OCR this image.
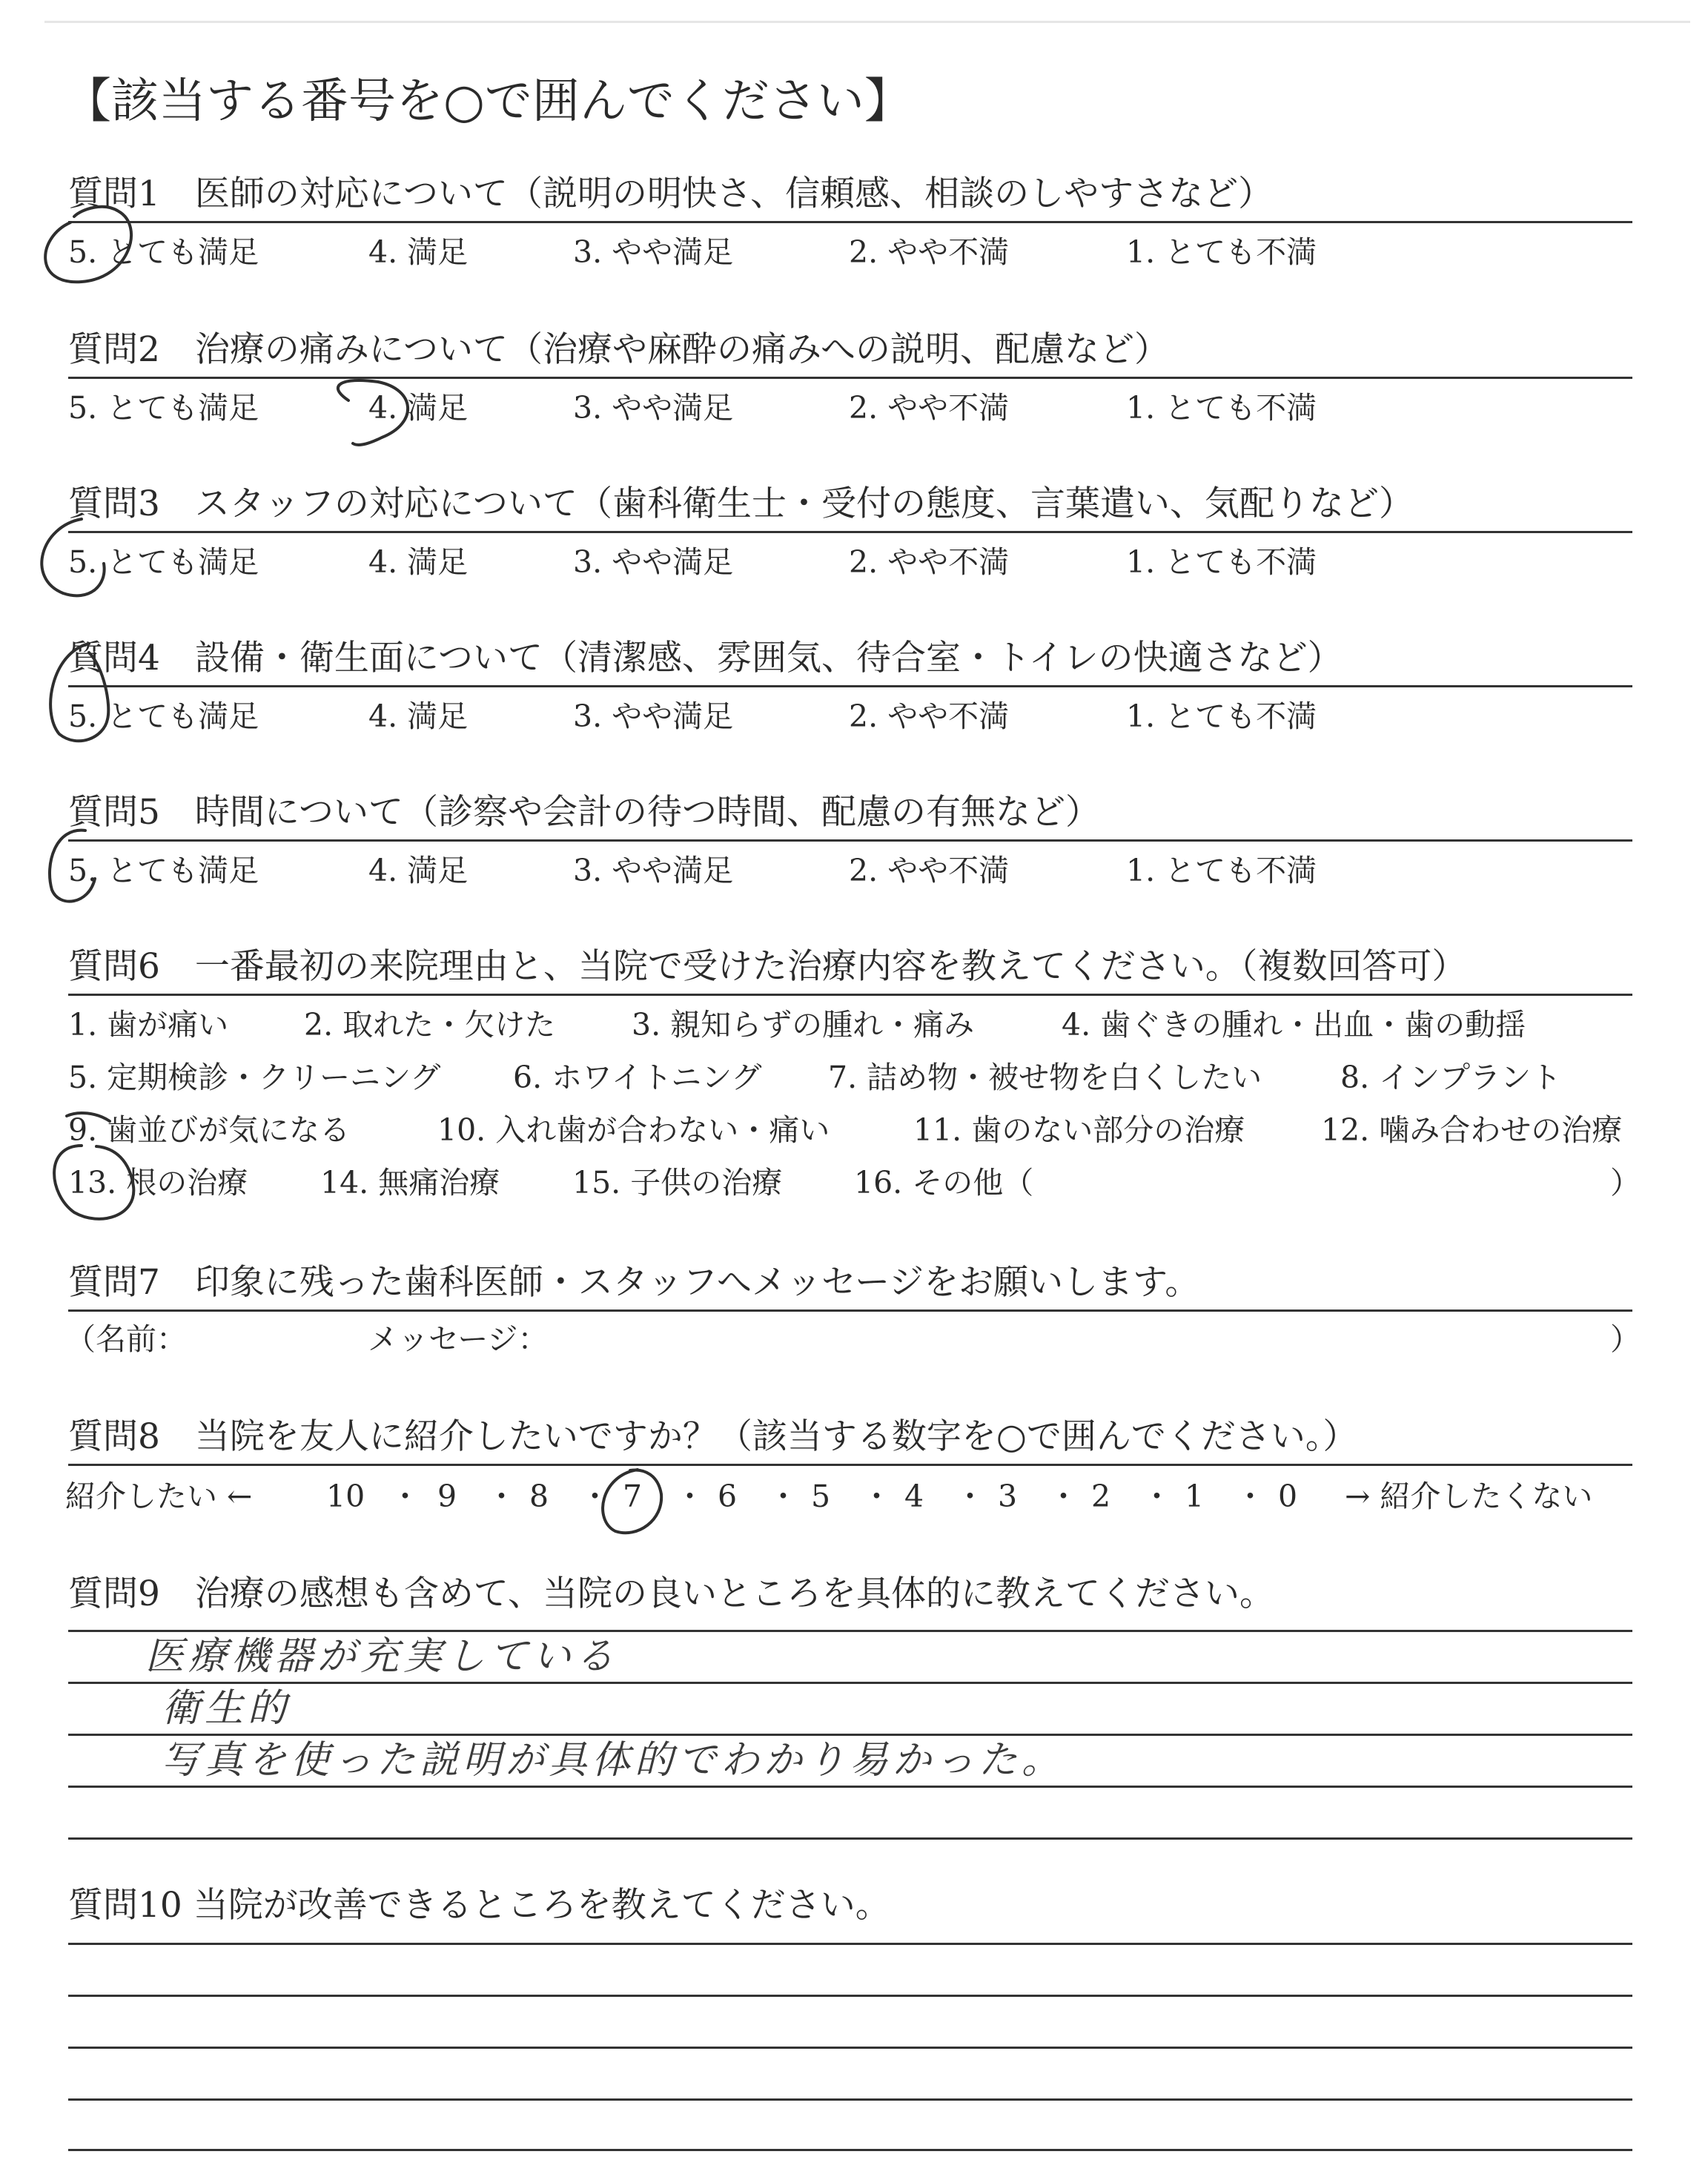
【該当する番号を○で囲んでください】
質問1　医師の対応について（説明の明快さ、信頼感、相談のしやすさなど）
5. とても満足	4. 満足	3. やや満足	2. やや不満	1. とても不満
質問2　治療の痛みについて（治療や麻酔の痛みへの説明、配慮など）
5. とても満足	4. 満足	3. やや満足	2. やや不満	1. とても不満
質問3　スタッフの対応について（歯科衛生士・受付の態度、言葉遣い、気配りなど）
5. とても満足	4. 満足	3. やや満足	2. やや不満	1. とても不満
質問4　設備・衛生面について（清潔感、雰囲気、待合室・トイレの快適さなど）
5. とても満足	4. 満足	3. やや満足	2. やや不満	1. とても不満
質問5　時間について（診察や会計の待つ時間、配慮の有無など）
5. とても満足	4. 満足	3. やや満足	2. やや不満	1. とても不満
質問6　一番最初の来院理由と、当院で受けた治療内容を教えてください。（複数回答可）
1. 歯が痛い 2. 取れた・欠けた	3. 親知らずの腫れ・痛み	4. 歯ぐきの腫れ・出血・歯の動揺
5. 定期検診・クリーニング 6. ホワイトニング 7. 詰め物・被せ物を白くしたい	8. インプラント
9. 歯並びが気になる	10. 入れ歯が合わない・痛い	11. 歯のない部分の治療	12. 噛み合わせの治療
13. 根の治療 14. 無痛治療 15. 子供の治療 16. その他（	）
質問7　印象に残った歯科医師・スタッフへメッセージをお願いします。
（名前：	メッセージ：	）
質問8　当院を友人に紹介したいですか？（該当する数字を○で囲んでください。）
紹介したい ← 10 ・ 9 ・ 8 ・ 7 ・ 6 ・ 5 ・ 4 ・ 3 ・ 2 ・ 1 ・ 0 → 紹介したくない
質問9　治療の感想も含めて、当院の良いところを具体的に教えてください。
医療機器が充実している
衛生的
写真を使った説明が具体的でわかり易かった。
質問10 当院が改善できるところを教えてください。
